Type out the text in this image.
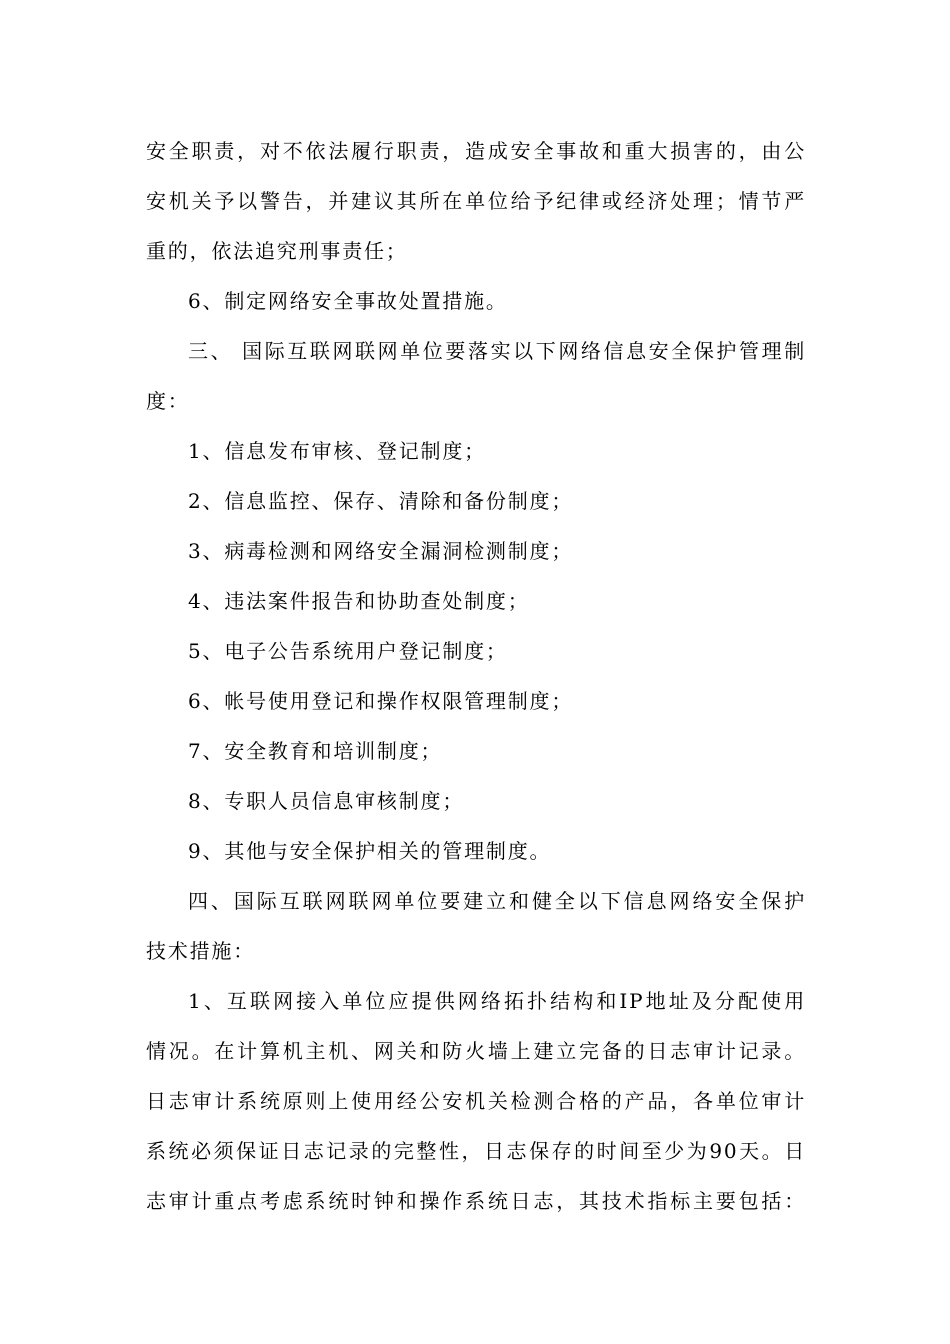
安全职责，对不依法履行职责，造成安全事故和重大损害的，由公
安机关予以警告，并建议其所在单位给予纪律或经济处理；情节严
重的，依法追究刑事责任；
6、制定网络安全事故处置措施。
三、 国际互联网联网单位要落实以下网络信息安全保护管理制
度：
1、信息发布审核、登记制度；
2、信息监控、保存、清除和备份制度；
3、病毒检测和网络安全漏洞检测制度；
4、违法案件报告和协助查处制度；
5、电子公告系统用户登记制度；
6、帐号使用登记和操作权限管理制度；
7、安全教育和培训制度；
8、专职人员信息审核制度；
9、其他与安全保护相关的管理制度。
四、国际互联网联网单位要建立和健全以下信息网络安全保护
技术措施：
1、互联网接入单位应提供网络拓扑结构和IP地址及分配使用
情况。在计算机主机、网关和防火墙上建立完备的日志审计记录。
日志审计系统原则上使用经公安机关检测合格的产品，各单位审计
系统必须保证日志记录的完整性，日志保存的时间至少为90天。日
志审计重点考虑系统时钟和操作系统日志，其技术指标主要包括：
